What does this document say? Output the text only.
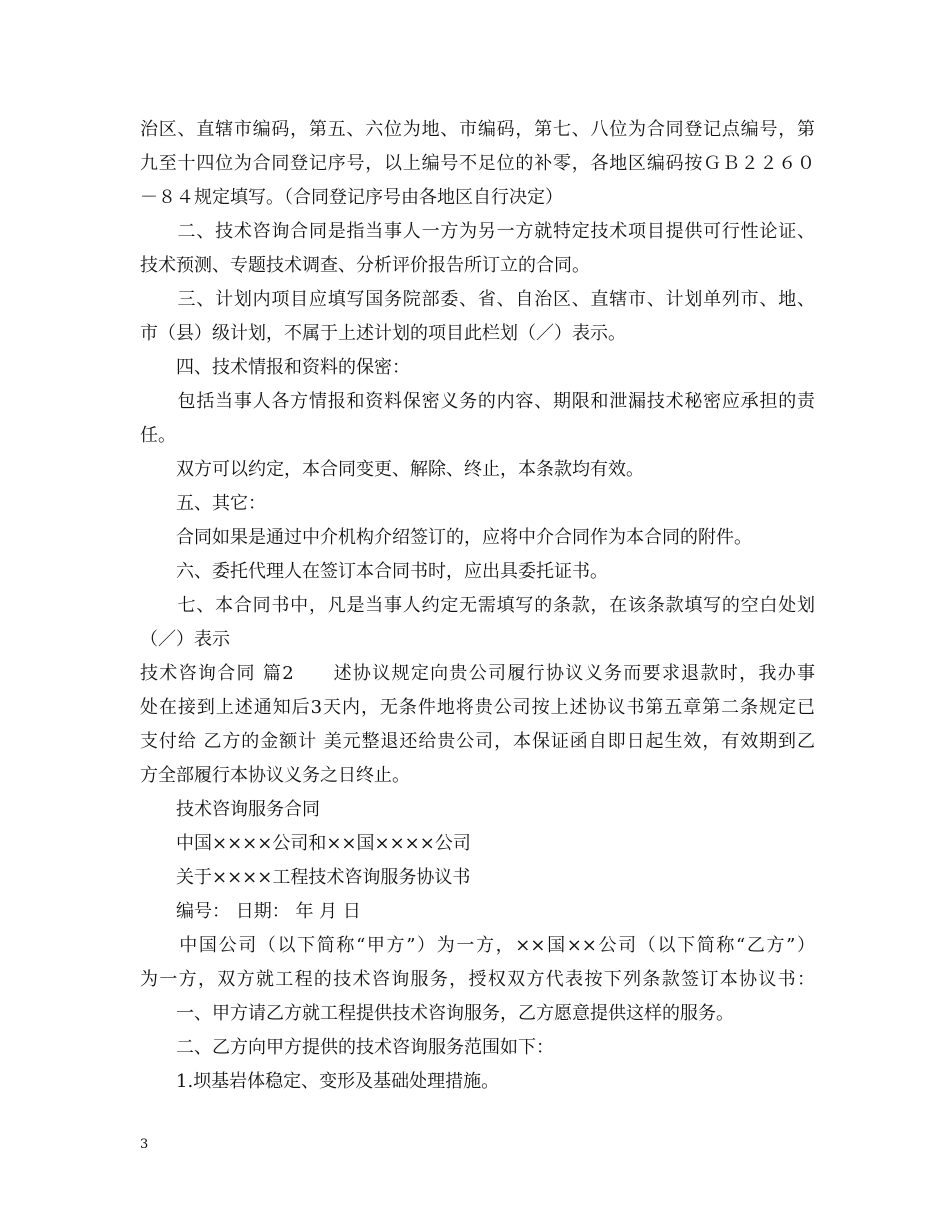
治区、直辖市编码，第五、六位为地、市编码，第七、八位为合同登记点编号，第
九至十四位为合同登记序号，以上编号不足位的补零，各地区编码按ＧＢ２２６０
－８４规定填写。（合同登记序号由各地区自行决定）
　　二、技术咨询合同是指当事人一方为另一方就特定技术项目提供可行性论证、
技术预测、专题技术调查、分析评价报告所订立的合同。
　　三、计划内项目应填写国务院部委、省、自治区、直辖市、计划单列市、地、
市（县）级计划，不属于上述计划的项目此栏划（／）表示。
　　四、技术情报和资料的保密：
　　包括当事人各方情报和资料保密义务的内容、期限和泄漏技术秘密应承担的责
任。
　　双方可以约定，本合同变更、解除、终止，本条款均有效。
　　五、其它：
　　合同如果是通过中介机构介绍签订的，应将中介合同作为本合同的附件。
　　六、委托代理人在签订本合同书时，应出具委托证书。
　　七、本合同书中，凡是当事人约定无需填写的条款，在该条款填写的空白处划
（／）表示
技术咨询合同 篇2　　述协议规定向贵公司履行协议义务而要求退款时，我办事
处在接到上述通知后3天内，无条件地将贵公司按上述协议书第五章第二条规定已
支付给 乙方的金额计 美元整退还给贵公司，本保证函自即日起生效，有效期到乙
方全部履行本协议义务之日终止。
　　技术咨询服务合同
　　中国××××公司和××国××××公司
　　关于××××工程技术咨询服务协议书
　　编号： 日期： 年 月 日
　　中国公司（以下简称“甲方”）为一方，××国××公司（以下简称“乙方”）
为一方，双方就工程的技术咨询服务，授权双方代表按下列条款签订本协议书：
　　一、甲方请乙方就工程提供技术咨询服务，乙方愿意提供这样的服务。
　　二、乙方向甲方提供的技术咨询服务范围如下：
　　1.坝基岩体稳定、变形及基础处理措施。
3
